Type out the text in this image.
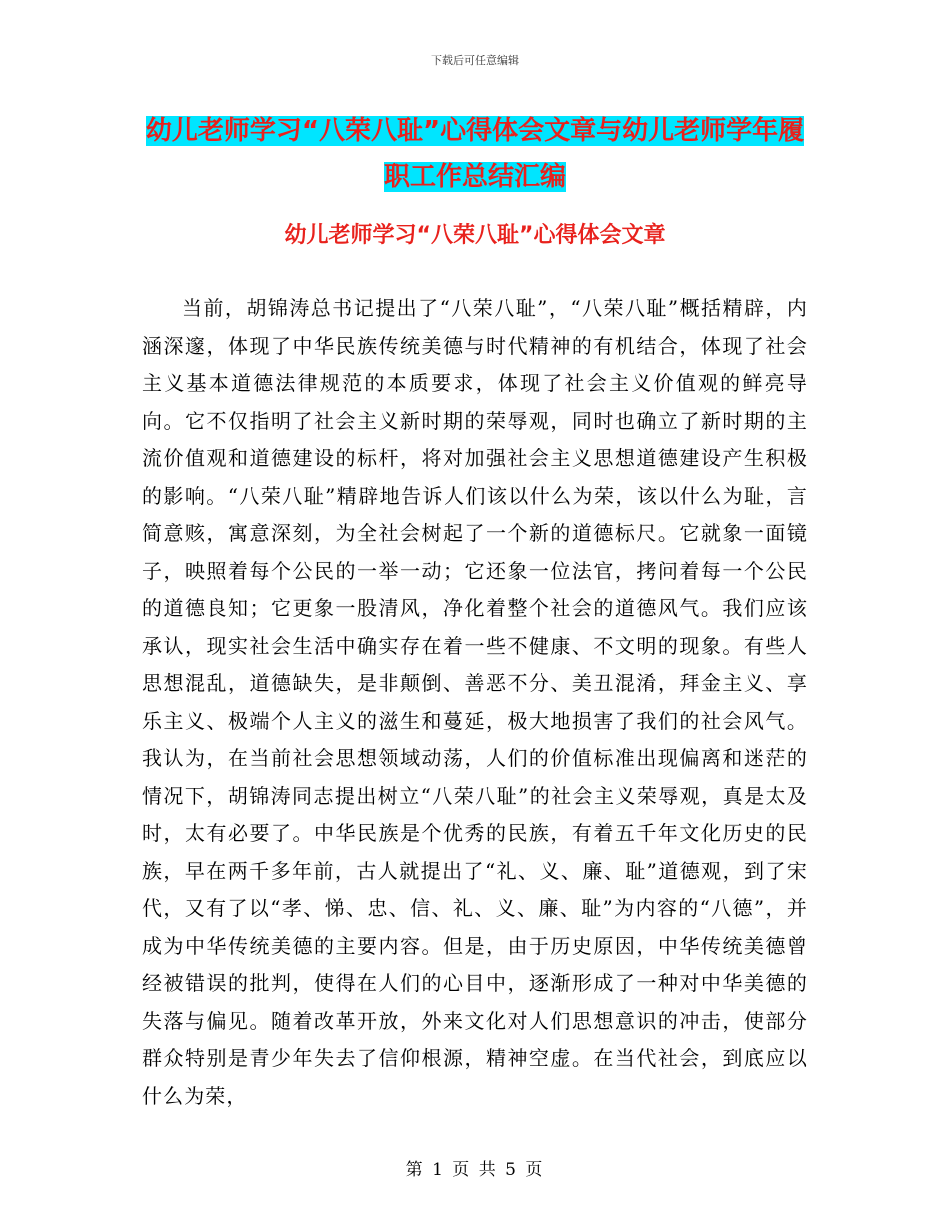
下载后可任意编辑
幼儿老师学习“八荣八耻”心得体会文章与幼儿老师学年履职工作总结汇编
幼儿老师学习“八荣八耻”心得体会文章

当前，胡锦涛总书记提出了“八荣八耻”，“八荣八耻”概括精辟，内涵深邃，体现了中华民族传统美德与时代精神的有机结合，体现了社会主义基本道德法律规范的本质要求，体现了社会主义价值观的鲜亮导向。它不仅指明了社会主义新时期的荣辱观，同时也确立了新时期的主流价值观和道德建设的标杆，将对加强社会主义思想道德建设产生积极的影响。“八荣八耻”精辟地告诉人们该以什么为荣，该以什么为耻，言简意赅，寓意深刻，为全社会树起了一个新的道德标尺。它就象一面镜子，映照着每个公民的一举一动；它还象一位法官，拷问着每一个公民的道德良知；它更象一股清风，净化着整个社会的道德风气。我们应该承认，现实社会生活中确实存在着一些不健康、不文明的现象。有些人思想混乱，道德缺失，是非颠倒、善恶不分、美丑混淆，拜金主义、享乐主义、极端个人主义的滋生和蔓延，极大地损害了我们的社会风气。我认为，在当前社会思想领域动荡，人们的价值标准出现偏离和迷茫的情况下，胡锦涛同志提出树立“八荣八耻”的社会主义荣辱观，真是太及时，太有必要了。中华民族是个优秀的民族，有着五千年文化历史的民族，早在两千多年前，古人就提出了“礼、义、廉、耻”道德观，到了宋代，又有了以“孝、悌、忠、信、礼、义、廉、耻”为内容的“八德”，并成为中华传统美德的主要内容。但是，由于历史原因，中华传统美德曾经被错误的批判，使得在人们的心目中，逐渐形成了一种对中华美德的失落与偏见。随着改革开放，外来文化对人们思想意识的冲击，使部分群众特别是青少年失去了信仰根源，精神空虚。在当代社会，到底应以什么为荣，

第 1 页 共 5 页
